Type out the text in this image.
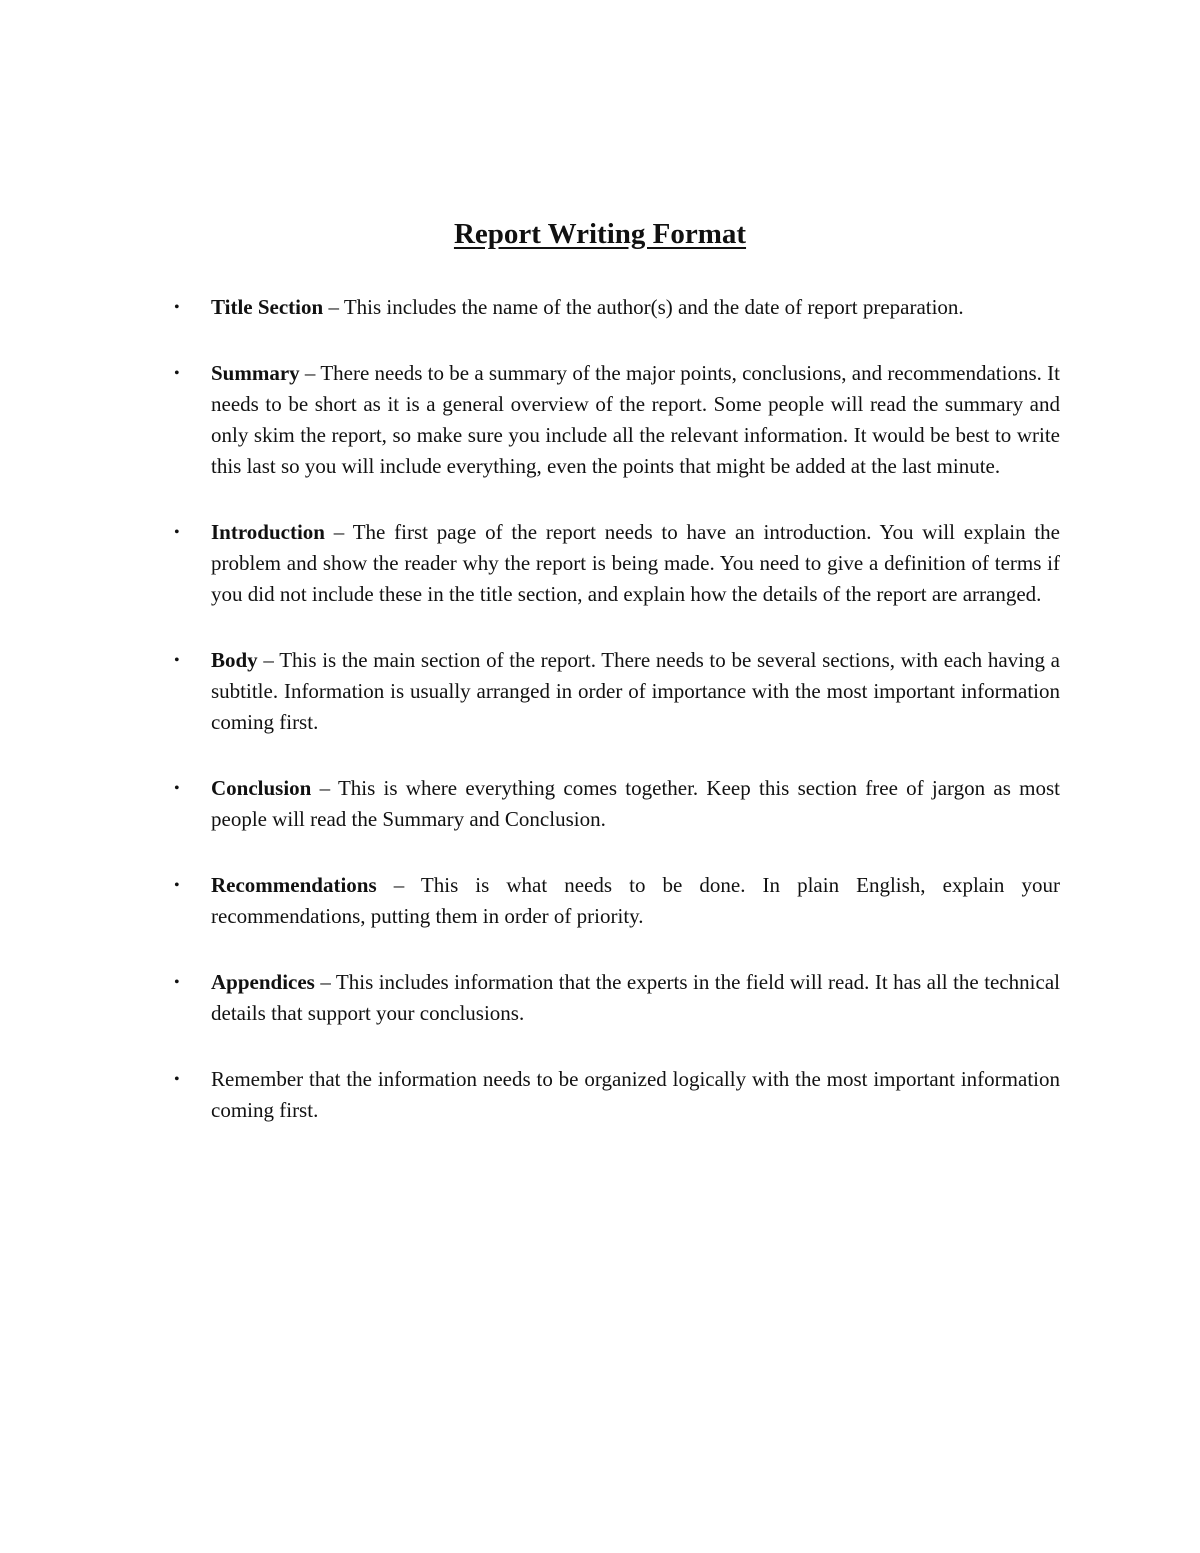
Report Writing Format
•	Title Section – This includes the name of the author(s) and the date of report preparation.
•	Summary – There needs to be a summary of the major points, conclusions, and recommendations. It needs to be short as it is a general overview of the report. Some people will read the summary and only skim the report, so make sure you include all the relevant information. It would be best to write this last so you will include everything, even the points that might be added at the last minute.
•	Introduction – The first page of the report needs to have an introduction. You will explain the problem and show the reader why the report is being made. You need to give a definition of terms if you did not include these in the title section, and explain how the details of the report are arranged.
•	Body – This is the main section of the report. There needs to be several sections, with each having a subtitle. Information is usually arranged in order of importance with the most important information coming first.
•	Conclusion – This is where everything comes together. Keep this section free of jargon as most people will read the Summary and Conclusion.
•	Recommendations – This is what needs to be done. In plain English, explain your recommendations, putting them in order of priority.
•	Appendices – This includes information that the experts in the field will read. It has all the technical details that support your conclusions.
•	Remember that the information needs to be organized logically with the most important information coming first.
